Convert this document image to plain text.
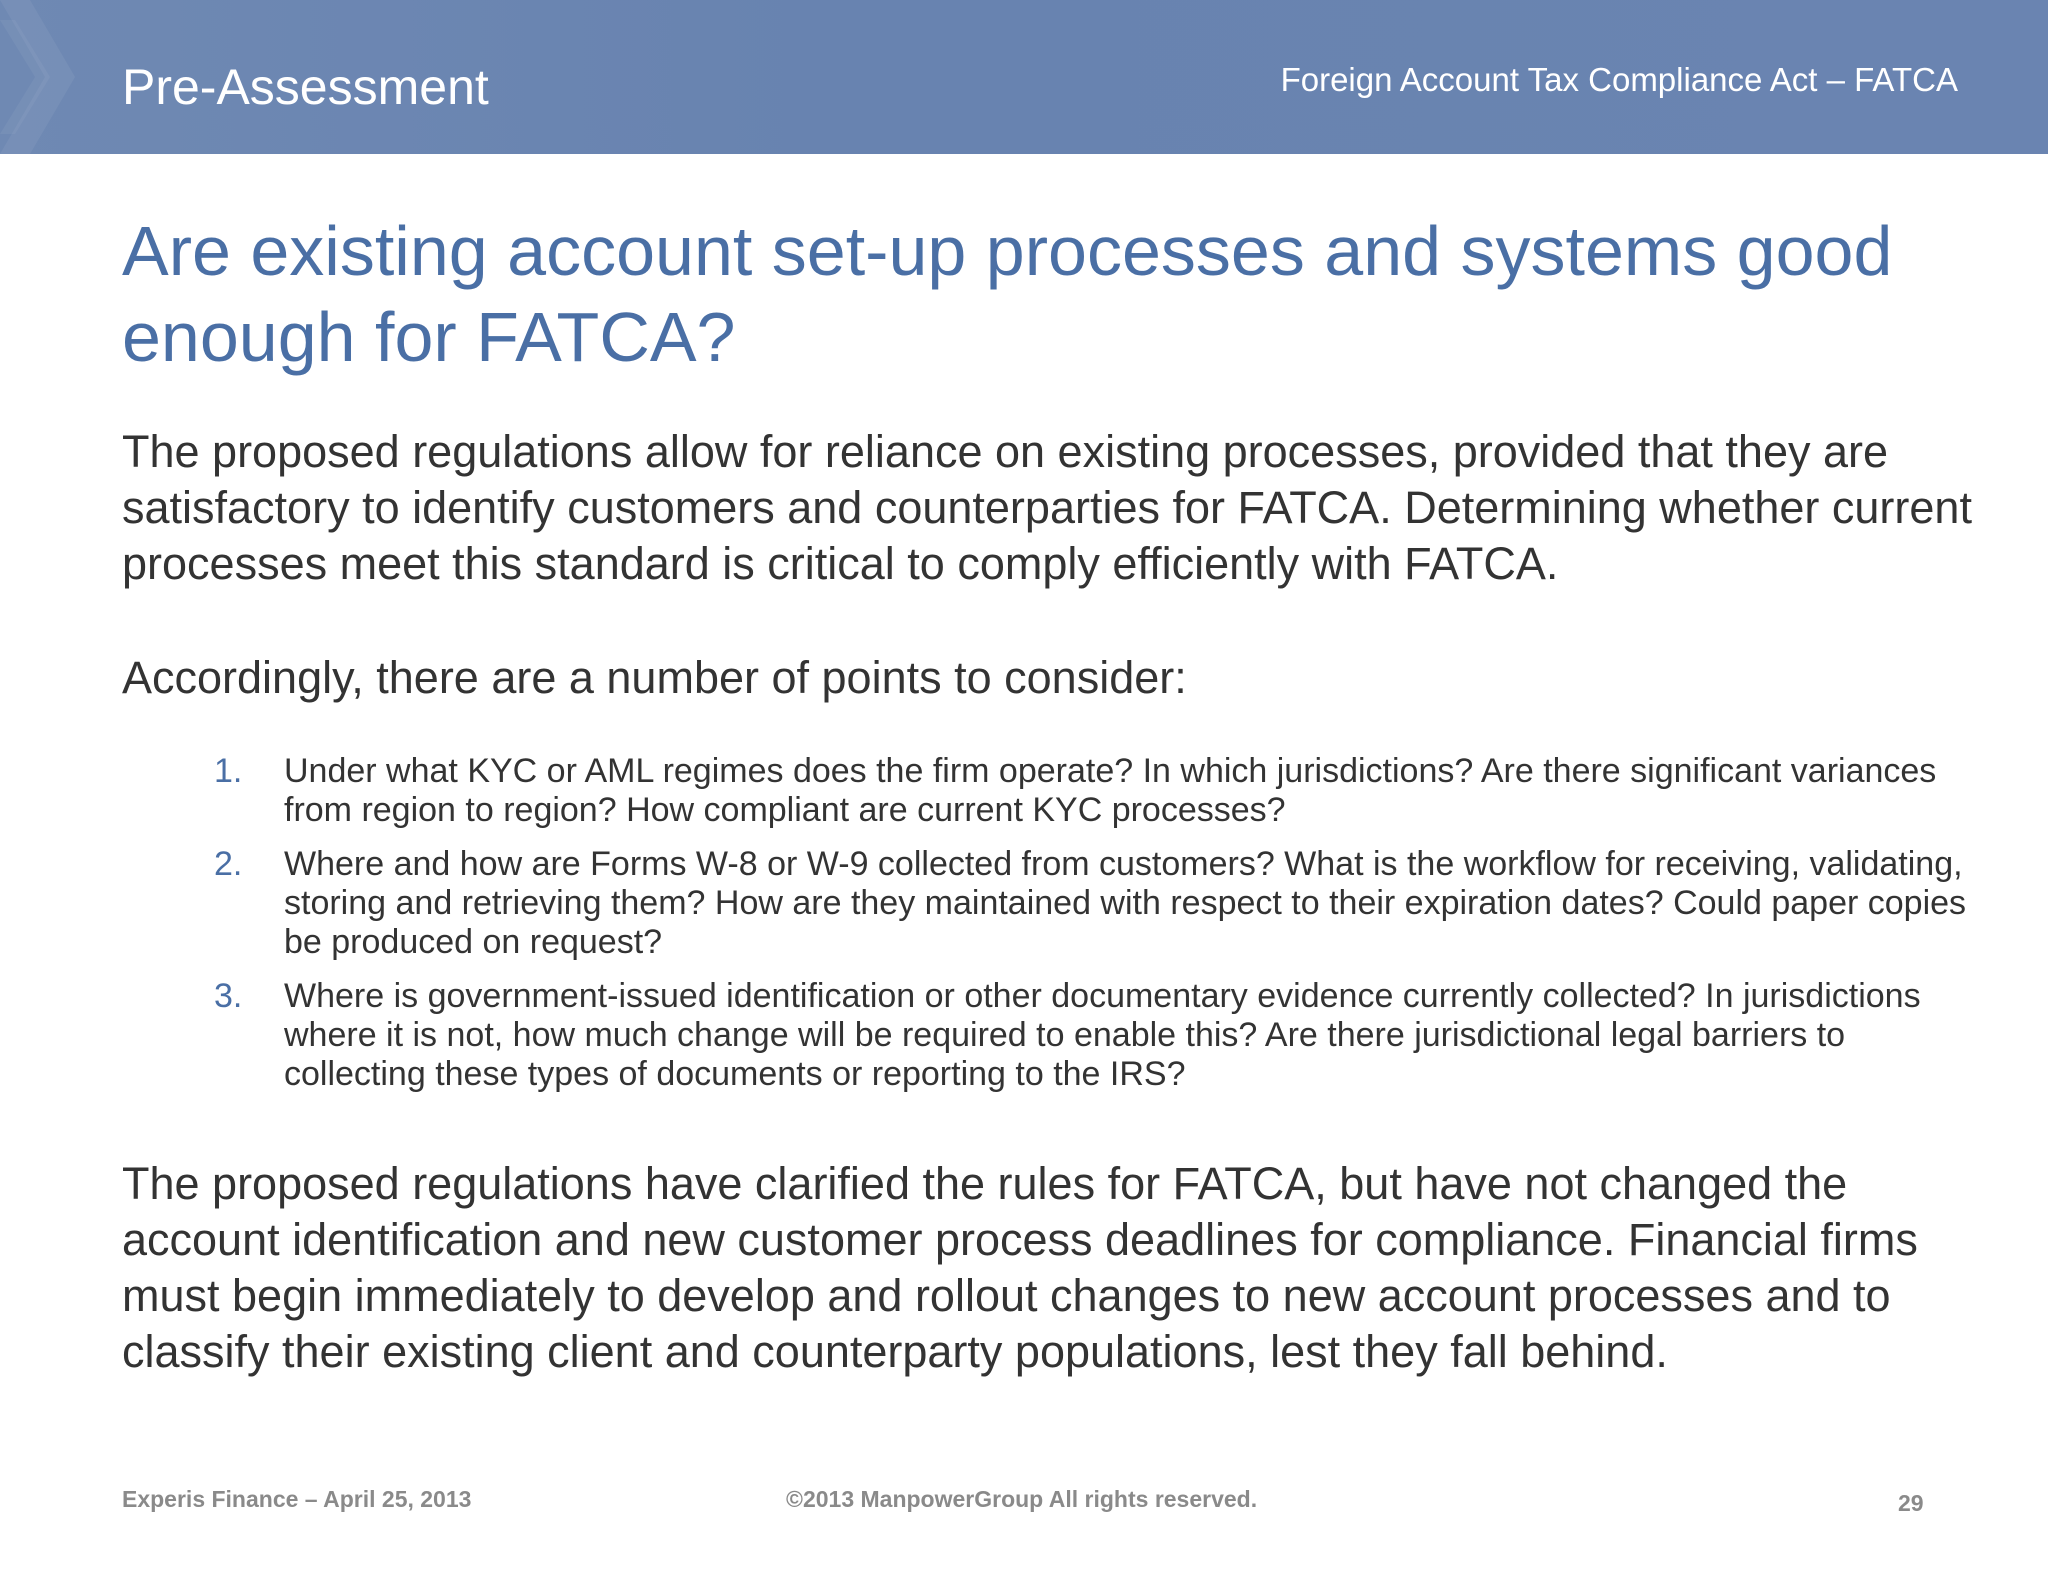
Pre-Assessment	Foreign Account Tax Compliance Act – FATCA
Are existing account set-up processes and systems good enough for FATCA?

The proposed regulations allow for reliance on existing processes, provided that they are satisfactory to identify customers and counterparties for FATCA. Determining whether current processes meet this standard is critical to comply efficiently with FATCA.

Accordingly, there are a number of points to consider:

1. Under what KYC or AML regimes does the firm operate? In which jurisdictions? Are there significant variances from region to region? How compliant are current KYC processes?
2. Where and how are Forms W-8 or W-9 collected from customers? What is the workflow for receiving, validating, storing and retrieving them? How are they maintained with respect to their expiration dates? Could paper copies be produced on request?
3. Where is government-issued identification or other documentary evidence currently collected? In jurisdictions where it is not, how much change will be required to enable this? Are there jurisdictional legal barriers to collecting these types of documents or reporting to the IRS?

The proposed regulations have clarified the rules for FATCA, but have not changed the account identification and new customer process deadlines for compliance. Financial firms must begin immediately to develop and rollout changes to new account processes and to classify their existing client and counterparty populations, lest they fall behind.

Experis Finance – April 25, 2013	©2013 ManpowerGroup All rights reserved.	29
